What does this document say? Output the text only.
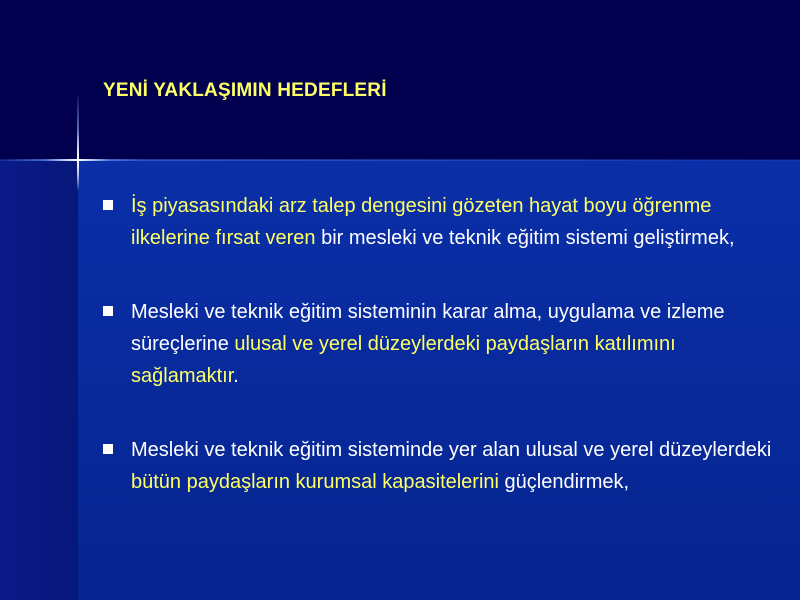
YENİ YAKLAŞIMIN HEDEFLERİ
İş piyasasındaki arz talep dengesini gözeten hayat boyu öğrenme ilkelerine fırsat veren bir mesleki ve teknik eğitim sistemi geliştirmek,
Mesleki ve teknik eğitim sisteminin karar alma, uygulama ve izleme süreçlerine ulusal ve yerel düzeylerdeki paydaşların katılımını sağlamaktır.
Mesleki ve teknik eğitim sisteminde yer alan ulusal ve yerel düzeylerdeki bütün paydaşların kurumsal kapasitelerini güçlendirmek,
